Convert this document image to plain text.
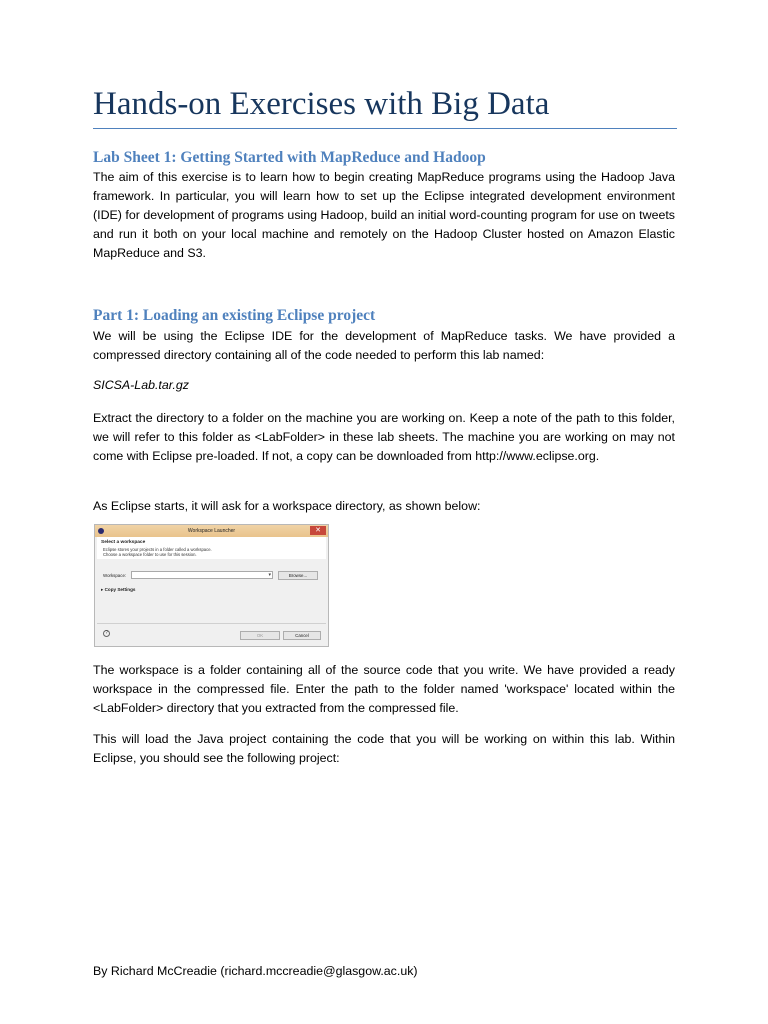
Hands-on Exercises with Big Data
Lab Sheet 1: Getting Started with MapReduce and Hadoop

The aim of this exercise is to learn how to begin creating MapReduce programs using the Hadoop Java framework. In particular, you will learn how to set up the Eclipse integrated development environment (IDE) for development of programs using Hadoop, build an initial word-counting program for use on tweets and run it both on your local machine and remotely on the Hadoop Cluster hosted on Amazon Elastic MapReduce and S3.

Part 1: Loading an existing Eclipse project

We will be using the Eclipse IDE for the development of MapReduce tasks. We have provided a compressed directory containing all of the code needed to perform this lab named:

SICSA-Lab.tar.gz

Extract the directory to a folder on the machine you are working on. Keep a note of the path to this folder, we will refer to this folder as <LabFolder> in these lab sheets. The machine you are working on may not come with Eclipse pre-loaded. If not, a copy can be downloaded from http://www.eclipse.org.

As Eclipse starts, it will ask for a workspace directory, as shown below:

Workspace Launcher	✕
Select a workspace
Eclipse stores your projects in a folder called a workspace.
Choose a workspace folder to use for this session.
Workspace:	▾	Browse...
▸ Copy Settings
?	OK	Cancel

The workspace is a folder containing all of the source code that you write. We have provided a ready workspace in the compressed file. Enter the path to the folder named 'workspace' located within the <LabFolder> directory that you extracted from the compressed file.

This will load the Java project containing the code that you will be working on within this lab. Within Eclipse, you should see the following project:

By Richard McCreadie (richard.mccreadie@glasgow.ac.uk)
